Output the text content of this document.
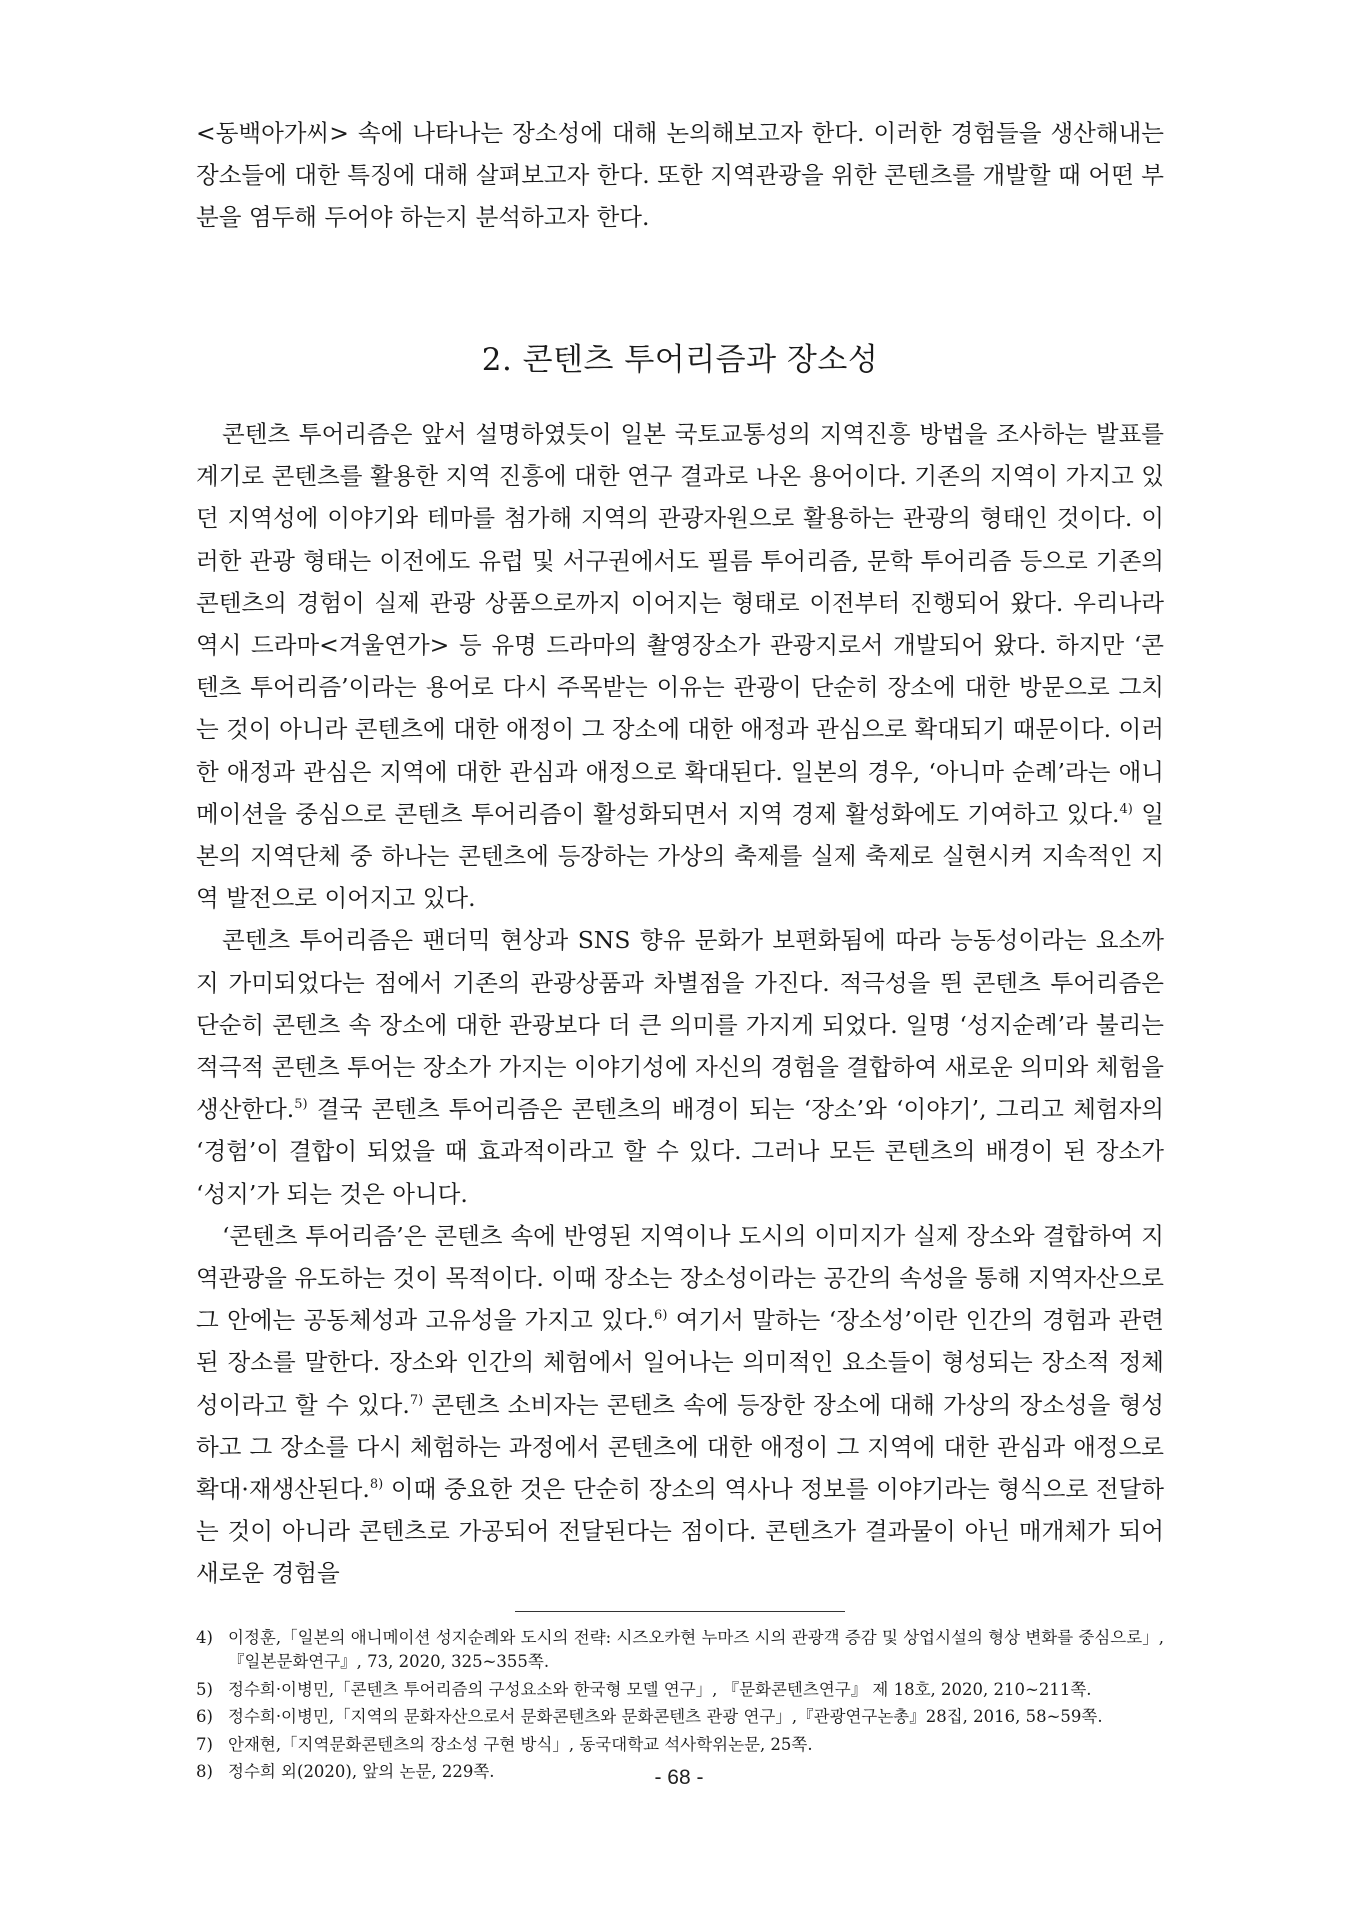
<동백아가씨> 속에 나타나는 장소성에 대해 논의해보고자 한다. 이러한 경험들을 생산해내는 장소들에 대한 특징에 대해 살펴보고자 한다. 또한 지역관광을 위한 콘텐츠를 개발할 때 어떤 부분을 염두해 두어야 하는지 분석하고자 한다.

2. 콘텐츠 투어리즘과 장소성

콘텐츠 투어리즘은 앞서 설명하였듯이 일본 국토교통성의 지역진흥 방법을 조사하는 발표를 계기로 콘텐츠를 활용한 지역 진흥에 대한 연구 결과로 나온 용어이다. 기존의 지역이 가지고 있던 지역성에 이야기와 테마를 첨가해 지역의 관광자원으로 활용하는 관광의 형태인 것이다. 이러한 관광 형태는 이전에도 유럽 및 서구권에서도 필름 투어리즘, 문학 투어리즘 등으로 기존의 콘텐츠의 경험이 실제 관광 상품으로까지 이어지는 형태로 이전부터 진행되어 왔다. 우리나라 역시 드라마<겨울연가> 등 유명 드라마의 촬영장소가 관광지로서 개발되어 왔다. 하지만 ‘콘텐츠 투어리즘’이라는 용어로 다시 주목받는 이유는 관광이 단순히 장소에 대한 방문으로 그치는 것이 아니라 콘텐츠에 대한 애정이 그 장소에 대한 애정과 관심으로 확대되기 때문이다. 이러한 애정과 관심은 지역에 대한 관심과 애정으로 확대된다. 일본의 경우, ‘아니마 순례’라는 애니메이션을 중심으로 콘텐츠 투어리즘이 활성화되면서 지역 경제 활성화에도 기여하고 있다.$^{4)}$ 일본의 지역단체 중 하나는 콘텐츠에 등장하는 가상의 축제를 실제 축제로 실현시켜 지속적인 지역 발전으로 이어지고 있다.

콘텐츠 투어리즘은 팬더믹 현상과 SNS 향유 문화가 보편화됨에 따라 능동성이라는 요소까지 가미되었다는 점에서 기존의 관광상품과 차별점을 가진다. 적극성을 띈 콘텐츠 투어리즘은 단순히 콘텐츠 속 장소에 대한 관광보다 더 큰 의미를 가지게 되었다. 일명 ‘성지순례’라 불리는 적극적 콘텐츠 투어는 장소가 가지는 이야기성에 자신의 경험을 결합하여 새로운 의미와 체험을 생산한다.$^{5)}$ 결국 콘텐츠 투어리즘은 콘텐츠의 배경이 되는 ‘장소’와 ‘이야기’, 그리고 체험자의 ‘경험’이 결합이 되었을 때 효과적이라고 할 수 있다. 그러나 모든 콘텐츠의 배경이 된 장소가 ‘성지’가 되는 것은 아니다.

‘콘텐츠 투어리즘’은 콘텐츠 속에 반영된 지역이나 도시의 이미지가 실제 장소와 결합하여 지역관광을 유도하는 것이 목적이다. 이때 장소는 장소성이라는 공간의 속성을 통해 지역자산으로 그 안에는 공동체성과 고유성을 가지고 있다.$^{6)}$ 여기서 말하는 ‘장소성’이란 인간의 경험과 관련된 장소를 말한다. 장소와 인간의 체험에서 일어나는 의미적인 요소들이 형성되는 장소적 정체성이라고 할 수 있다.$^{7)}$ 콘텐츠 소비자는 콘텐츠 속에 등장한 장소에 대해 가상의 장소성을 형성하고 그 장소를 다시 체험하는 과정에서 콘텐츠에 대한 애정이 그 지역에 대한 관심과 애정으로 확대·재생산된다.$^{8)}$ 이때 중요한 것은 단순히 장소의 역사나 정보를 이야기라는 형식으로 전달하는 것이 아니라 콘텐츠로 가공되어 전달된다는 점이다. 콘텐츠가 결과물이 아닌 매개체가 되어 새로운 경험을

4) 이정훈,「일본의 애니메이션 성지순례와 도시의 전략: 시즈오카현 누마즈 시의 관광객 증감 및 상업시설의 형상 변화를 중심으로」, 『일본문화연구』, 73, 2020, 325~355쪽.
5) 정수희·이병민,「콘텐츠 투어리즘의 구성요소와 한국형 모델 연구」, 『문화콘텐츠연구』 제 18호, 2020, 210~211쪽.
6) 정수희·이병민,「지역의 문화자산으로서 문화콘텐츠와 문화콘텐츠 관광 연구」,『관광연구논총』28집, 2016, 58~59쪽.
7) 안재현,「지역문화콘텐츠의 장소성 구현 방식」, 동국대학교 석사학위논문, 25쪽.
8) 정수희 외(2020), 앞의 논문, 229쪽.	- 68 -
